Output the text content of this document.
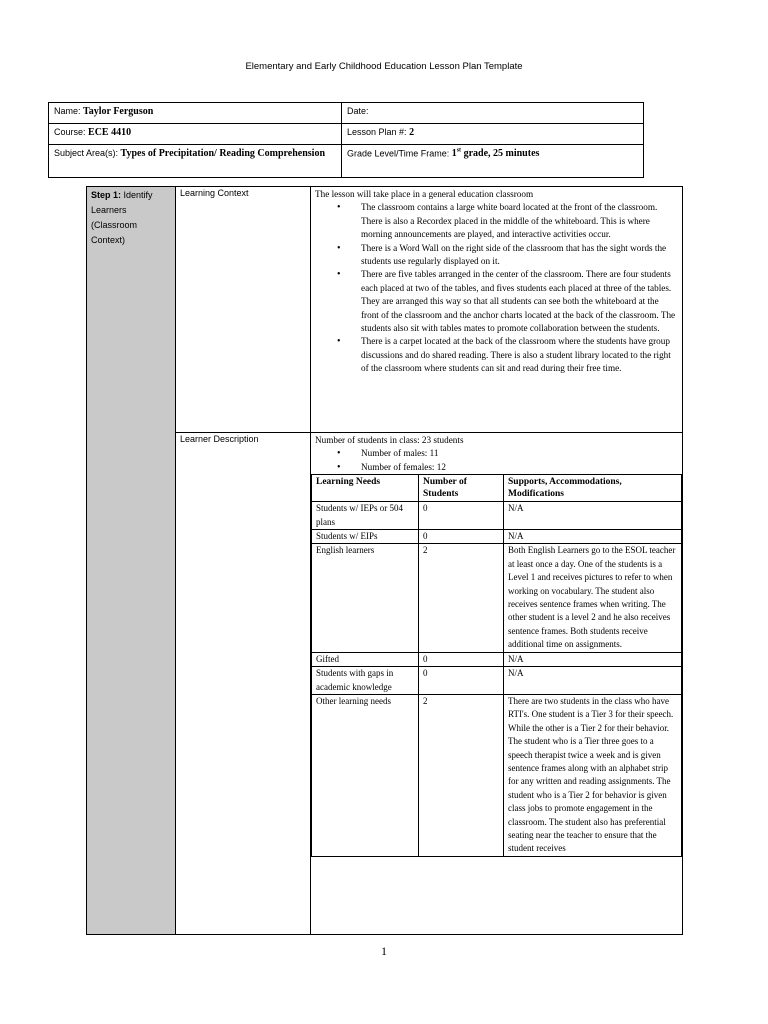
Elementary and Early Childhood Education Lesson Plan Template
Name: Taylor Ferguson	Date:
Course: ECE 4410	Lesson Plan #: 2
Subject Area(s): Types of Precipitation/ Reading Comprehension	Grade Level/Time Frame: 1st grade, 25 minutes
Step 1: Identify Learners (Classroom Context)	Learning Context	The lesson will take place in a general education classroom
• The classroom contains a large white board located at the front of the classroom. There is also a Recordex placed in the middle of the whiteboard. This is where morning announcements are played, and interactive activities occur.
• There is a Word Wall on the right side of the classroom that has the sight words the students use regularly displayed on it.
• There are five tables arranged in the center of the classroom. There are four students each placed at two of the tables, and fives students each placed at three of the tables. They are arranged this way so that all students can see both the whiteboard at the front of the classroom and the anchor charts located at the back of the classroom. The students also sit with tables mates to promote collaboration between the students.
• There is a carpet located at the back of the classroom where the students have group discussions and do shared reading. There is also a student library located to the right of the classroom where students can sit and read during their free time.

Learner Description	Number of students in class: 23 students
• Number of males: 11
• Number of females: 12
Learning Needs	Number of Students	Supports, Accommodations, Modifications
Students w/ IEPs or 504 plans	0	N/A
Students w/ EIPs	0	N/A
English learners	2	Both English Learners go to the ESOL teacher at least once a day. One of the students is a Level 1 and receives pictures to refer to when working on vocabulary. The student also receives sentence frames when writing. The other student is a level 2 and he also receives sentence frames. Both students receive additional time on assignments.
Gifted	0	N/A
Students with gaps in academic knowledge	0	N/A
Other learning needs	2	There are two students in the class who have RTI's. One student is a Tier 3 for their speech. While the other is a Tier 2 for their behavior. The student who is a Tier three goes to a speech therapist twice a week and is given sentence frames along with an alphabet strip for any written and reading assignments. The student who is a Tier 2 for behavior is given class jobs to promote engagement in the classroom. The student also has preferential seating near the teacher to ensure that the student receives
1
